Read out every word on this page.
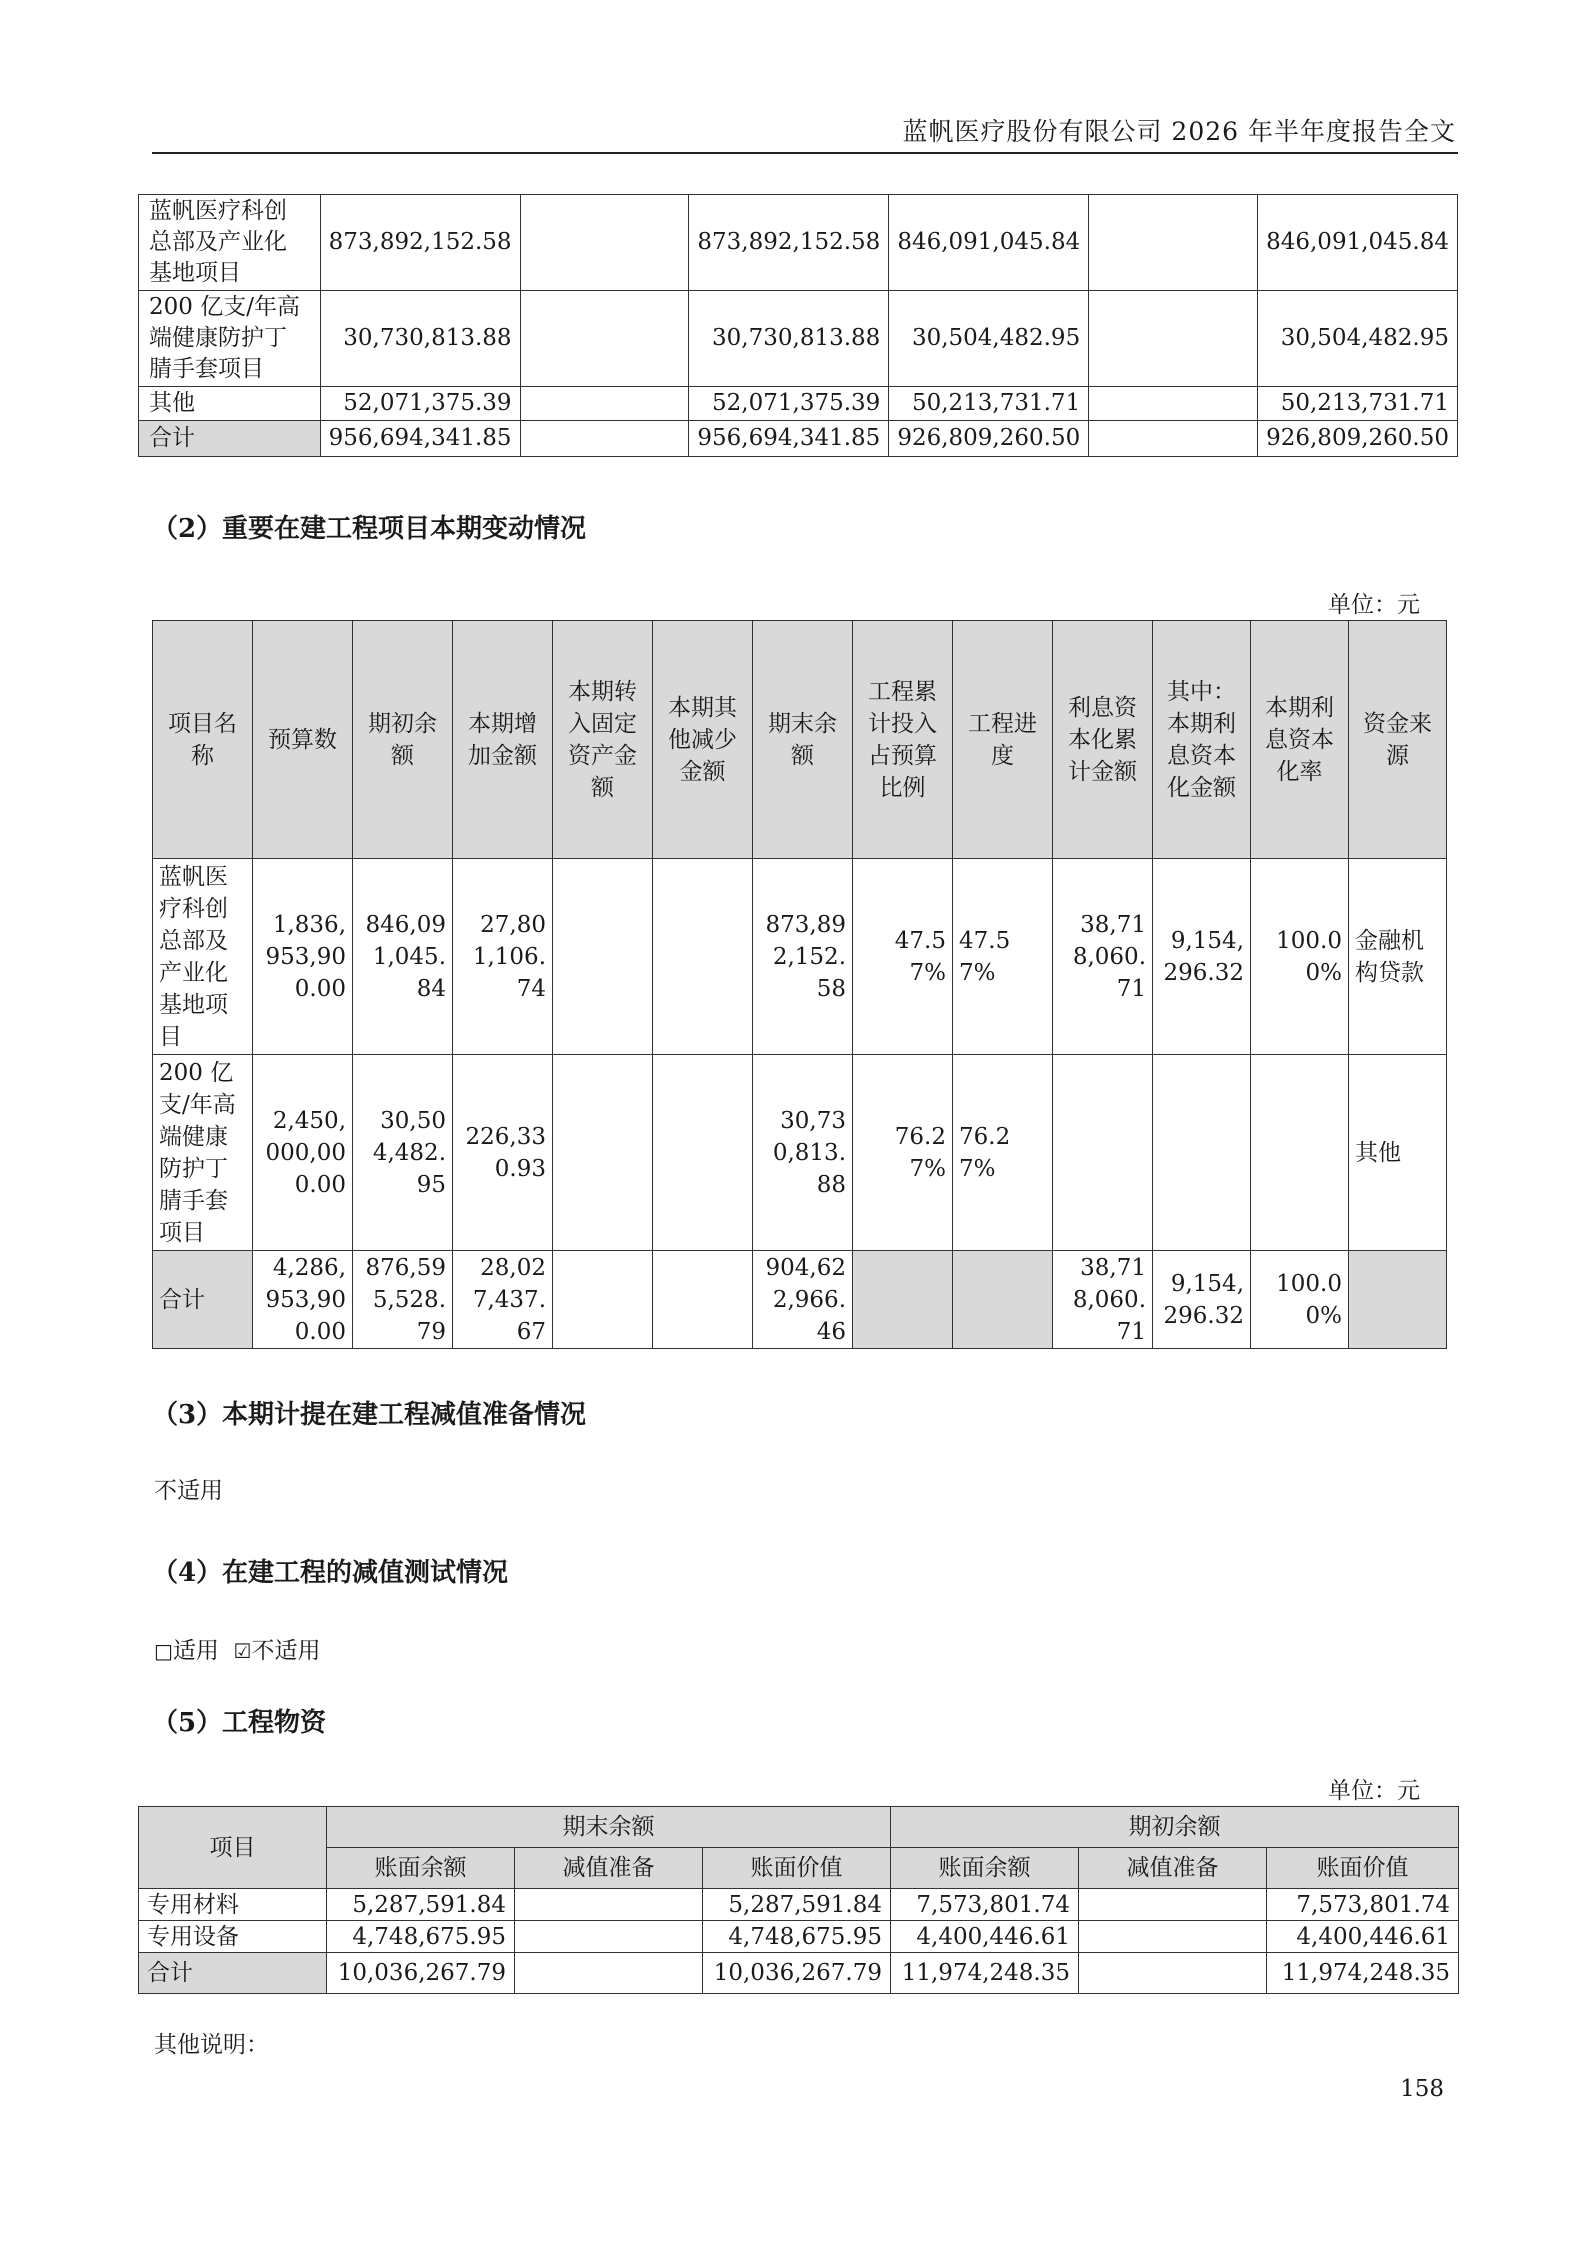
蓝帆医疗股份有限公司 2026 年半年度报告全文
蓝帆医疗科创总部及产业化基地项目	873,892,152.58		873,892,152.58	846,091,045.84		846,091,045.84
200 亿支/年高端健康防护丁腈手套项目	30,730,813.88		30,730,813.88	30,504,482.95		30,504,482.95
其他	52,071,375.39		52,071,375.39	50,213,731.71		50,213,731.71
合计	956,694,341.85		956,694,341.85	926,809,260.50		926,809,260.50
（2）重要在建工程项目本期变动情况
单位：元
项目名称	预算数	期初余额	本期增加金额	本期转入固定资产金额	本期其他减少金额	期末余额	工程累计投入占预算比例	工程进度	利息资本化累计金额	其中：本期利息资本化金额	本期利息资本化率	资金来源
蓝帆医疗科创总部及产业化基地项目	1,836,953,900.00	846,091,045.84	27,801,106.74			873,892,152.58	47.57%	47.57%	38,718,060.71	9,154,296.32	100.00%	金融机构贷款
200 亿支/年高端健康防护丁腈手套项目	2,450,000,000.00	30,504,482.95	226,330.93			30,730,813.88	76.27%	76.27%				其他
合计	4,286,953,900.00	876,595,528.79	28,027,437.67			904,622,966.46			38,718,060.71	9,154,296.32	100.00%	
（3）本期计提在建工程减值准备情况
不适用
（4）在建工程的减值测试情况
□适用 ☑不适用
（5）工程物资
单位：元
项目	期末余额			期初余额		
	账面余额	减值准备	账面价值	账面余额	减值准备	账面价值
专用材料	5,287,591.84		5,287,591.84	7,573,801.74		7,573,801.74
专用设备	4,748,675.95		4,748,675.95	4,400,446.61		4,400,446.61
合计	10,036,267.79		10,036,267.79	11,974,248.35		11,974,248.35
其他说明：
158
